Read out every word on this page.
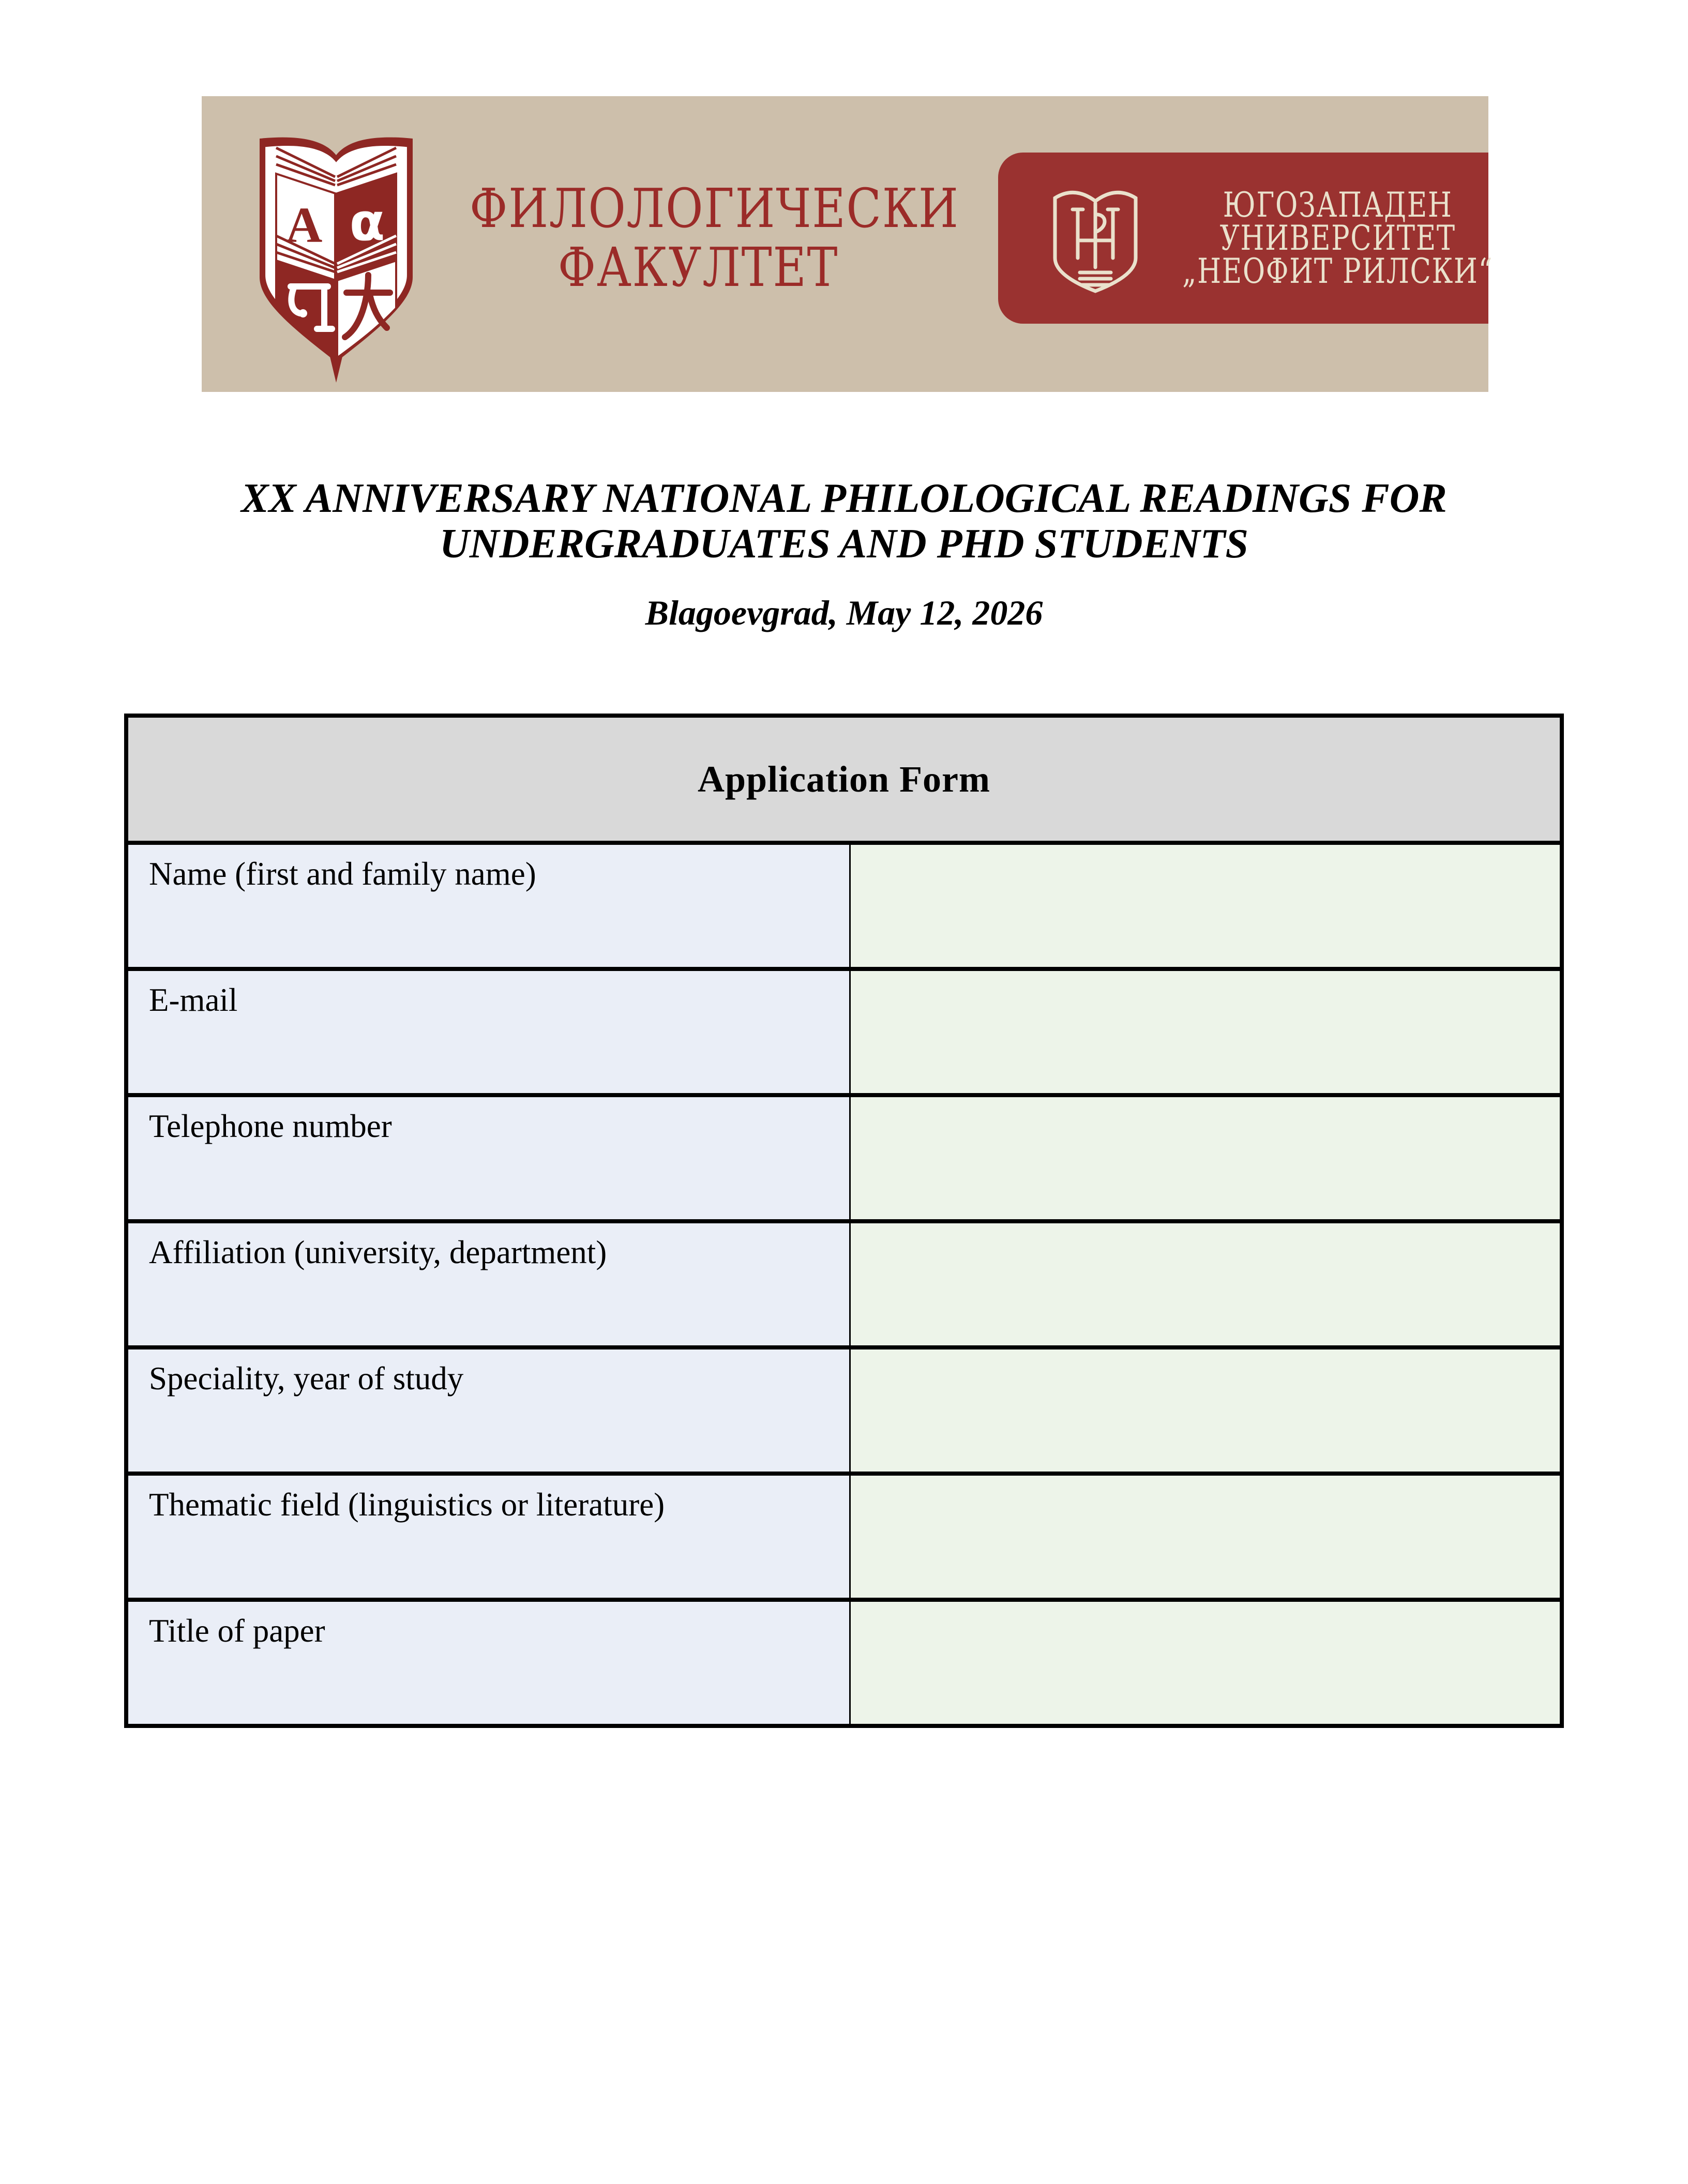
А α ФИЛОЛОГИЧЕСКИ
ФАКУЛТЕТ
ЮГОЗАПАДЕН
УНИВЕРСИТЕТ
„НЕОФИТ РИЛСКИ“
XX ANNIVERSARY NATIONAL PHILOLOGICAL READINGS FOR
UNDERGRADUATES AND PHD STUDENTS
Blagoevgrad, May 12, 2026
Application Form	
Name (first and family name)	
E-mail	
Telephone number	
Affiliation (university, department)	
Speciality, year of study	
Thematic field (linguistics or literature)	
Title of paper	
